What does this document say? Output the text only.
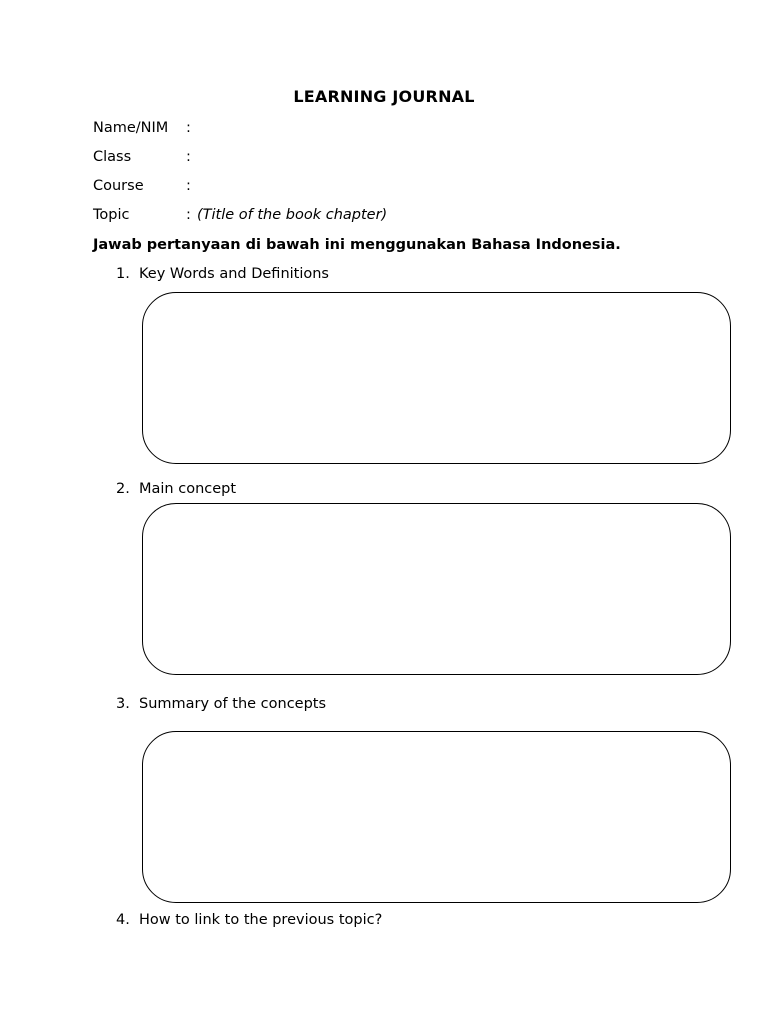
LEARNING JOURNAL
Name/NIM :
Class	:
Course	:
Topic	: (Title of the book chapter)
Jawab pertanyaan di bawah ini menggunakan Bahasa Indonesia.
1. Key Words and Definitions
2. Main concept
3. Summary of the concepts
4. How to link to the previous topic?
